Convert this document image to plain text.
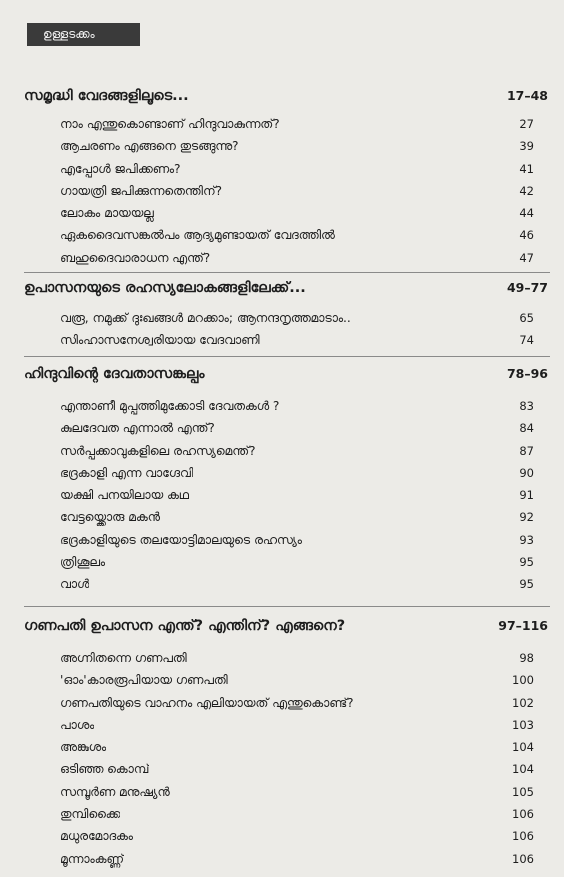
ഉള്ളടക്കം
സമൃദ്ധി വേദങ്ങളിലൂടെ...	17–48
നാം എന്തുകൊണ്ടാണ് ഹിന്ദുവാകുന്നത്?	27
ആചരണം എങ്ങനെ തുടങ്ങുന്നു?	39
എപ്പോൾ ജപിക്കണം?	41
ഗായത്രി ജപിക്കുന്നതെന്തിന്?	42
ലോകം മായയല്ല	44
ഏകദൈവസങ്കൽപം ആദ്യമുണ്ടായത് വേദത്തിൽ	46
ബഹുദൈവാരാധന എന്ത്?	47
ഉപാസനയുടെ രഹസ്യലോകങ്ങളിലേക്ക്...	49–77
വരൂ, നമുക്ക് ദുഃഖങ്ങൾ മറക്കാം; ആനന്ദനൃത്തമാടാം..	65
സിംഹാസനേശ്വരിയായ വേദവാണി	74
ഹിന്ദുവിന്റെ ദേവതാസങ്കല്പം	78–96
എന്താണീ മുപ്പത്തിമുക്കോടി ദേവതകൾ ?	83
കുലദേവത എന്നാൽ എന്ത്?	84
സർപ്പക്കാവുകളിലെ രഹസ്യമെന്ത്?	87
ഭദ്രകാളി എന്ന വാഗ്ദേവി	90
യക്ഷി പനയിലായ കഥ	91
വേട്ടയ്ക്കൊരു മകൻ	92
ഭദ്രകാളിയുടെ തലയോട്ടിമാലയുടെ രഹസ്യം	93
ത്രിശൂലം	95
വാൾ	95
ഗണപതി ഉപാസന എന്ത്? എന്തിന്? എങ്ങനെ?	97–116
അഗ്നിതന്നെ ഗണപതി	98
'ഓം'കാരരൂപിയായ ഗണപതി	100
ഗണപതിയുടെ വാഹനം എലിയായത് എന്തുകൊണ്ട്?	102
പാശം	103
അങ്കുശം	104
ഒടിഞ്ഞ കൊമ്പ്	104
സമ്പൂർണ മനുഷ്യൻ	105
തുമ്പിക്കൈ	106
മധുരമോദകം	106
മൂന്നാംകണ്ണ്	106
